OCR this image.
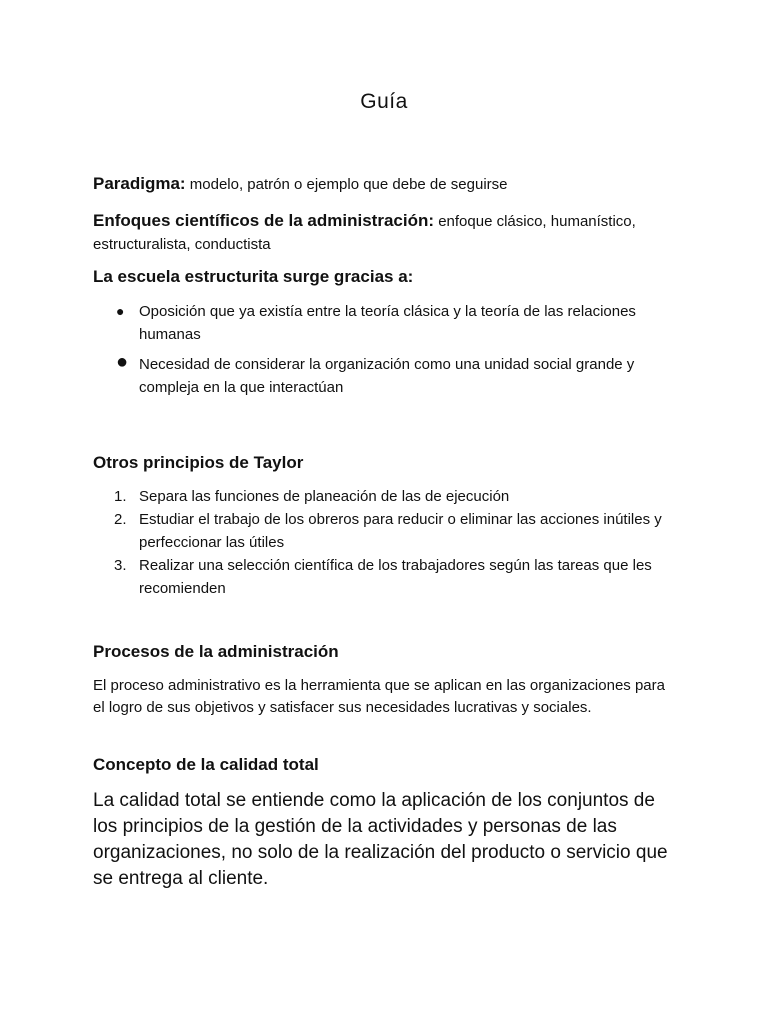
Guía
Paradigma: modelo, patrón o ejemplo que debe de seguirse
Enfoques científicos de la administración: enfoque clásico, humanístico, estructuralista, conductista
La escuela estructurita surge gracias a:
● Oposición que ya existía entre la teoría clásica y la teoría de las relaciones humanas
● Necesidad de considerar la organización como una unidad social grande y compleja en la que interactúan
Otros principios de Taylor
1. Separa las funciones de planeación de las de ejecución
2. Estudiar el trabajo de los obreros para reducir o eliminar las acciones inútiles y perfeccionar las útiles
3. Realizar una selección científica de los trabajadores según las tareas que les recomienden
Procesos de la administración
El proceso administrativo es la herramienta que se aplican en las organizaciones para el logro de sus objetivos y satisfacer sus necesidades lucrativas y sociales.
Concepto de la calidad total
La calidad total se entiende como la aplicación de los conjuntos de los principios de la gestión de la actividades y personas de las organizaciones, no solo de la realización del producto o servicio que se entrega al cliente.
